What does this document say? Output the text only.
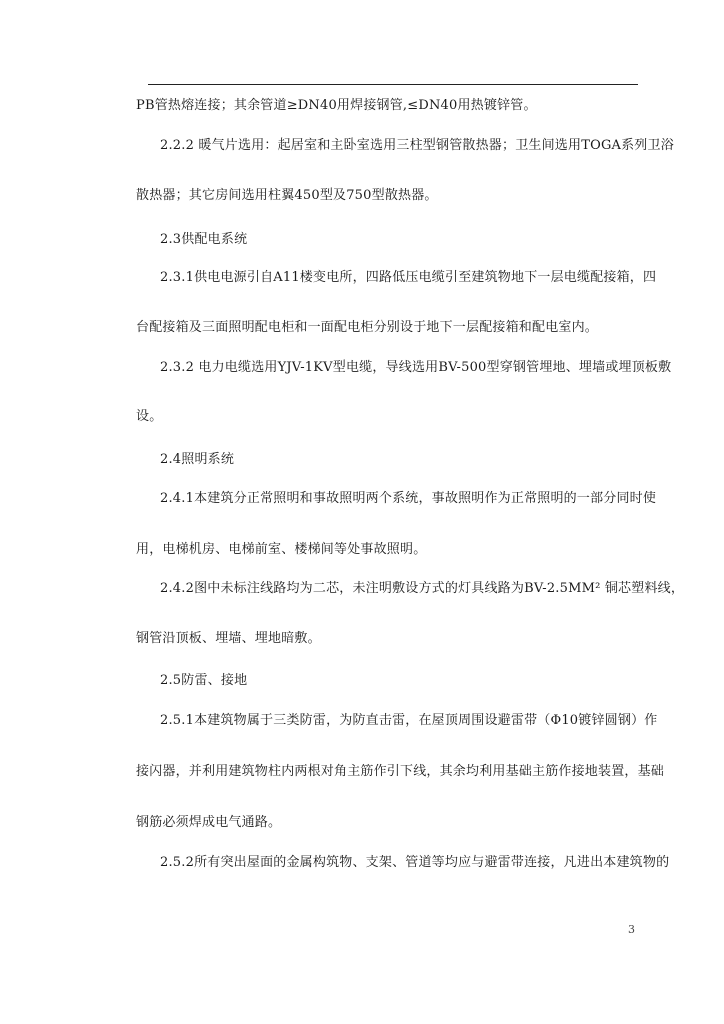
PB管热熔连接；其余管道≥DN40用焊接钢管,≤DN40用热镀锌管。
2.2.2 暖气片选用：起居室和主卧室选用三柱型钢管散热器；卫生间选用TOGA系列卫浴
散热器；其它房间选用柱翼450型及750型散热器。
2.3供配电系统
2.3.1供电电源引自A11楼变电所，四路低压电缆引至建筑物地下一层电缆配接箱，四
台配接箱及三面照明配电柜和一面配电柜分别设于地下一层配接箱和配电室内。
2.3.2 电力电缆选用YJV-1KV型电缆，导线选用BV-500型穿钢管埋地、埋墙或埋顶板敷
设。
2.4照明系统
2.4.1本建筑分正常照明和事故照明两个系统，事故照明作为正常照明的一部分同时使
用，电梯机房、电梯前室、楼梯间等处事故照明。
2.4.2图中未标注线路均为二芯，未注明敷设方式的灯具线路为BV-2.5MM² 铜芯塑料线，
钢管沿顶板、埋墙、埋地暗敷。
2.5防雷、接地
2.5.1本建筑物属于三类防雷，为防直击雷，在屋顶周围设避雷带（Φ10镀锌圆钢）作
接闪器，并利用建筑物柱内两根对角主筋作引下线，其余均利用基础主筋作接地装置，基础
钢筋必须焊成电气通路。
2.5.2所有突出屋面的金属构筑物、支架、管道等均应与避雷带连接，凡进出本建筑物的
3
